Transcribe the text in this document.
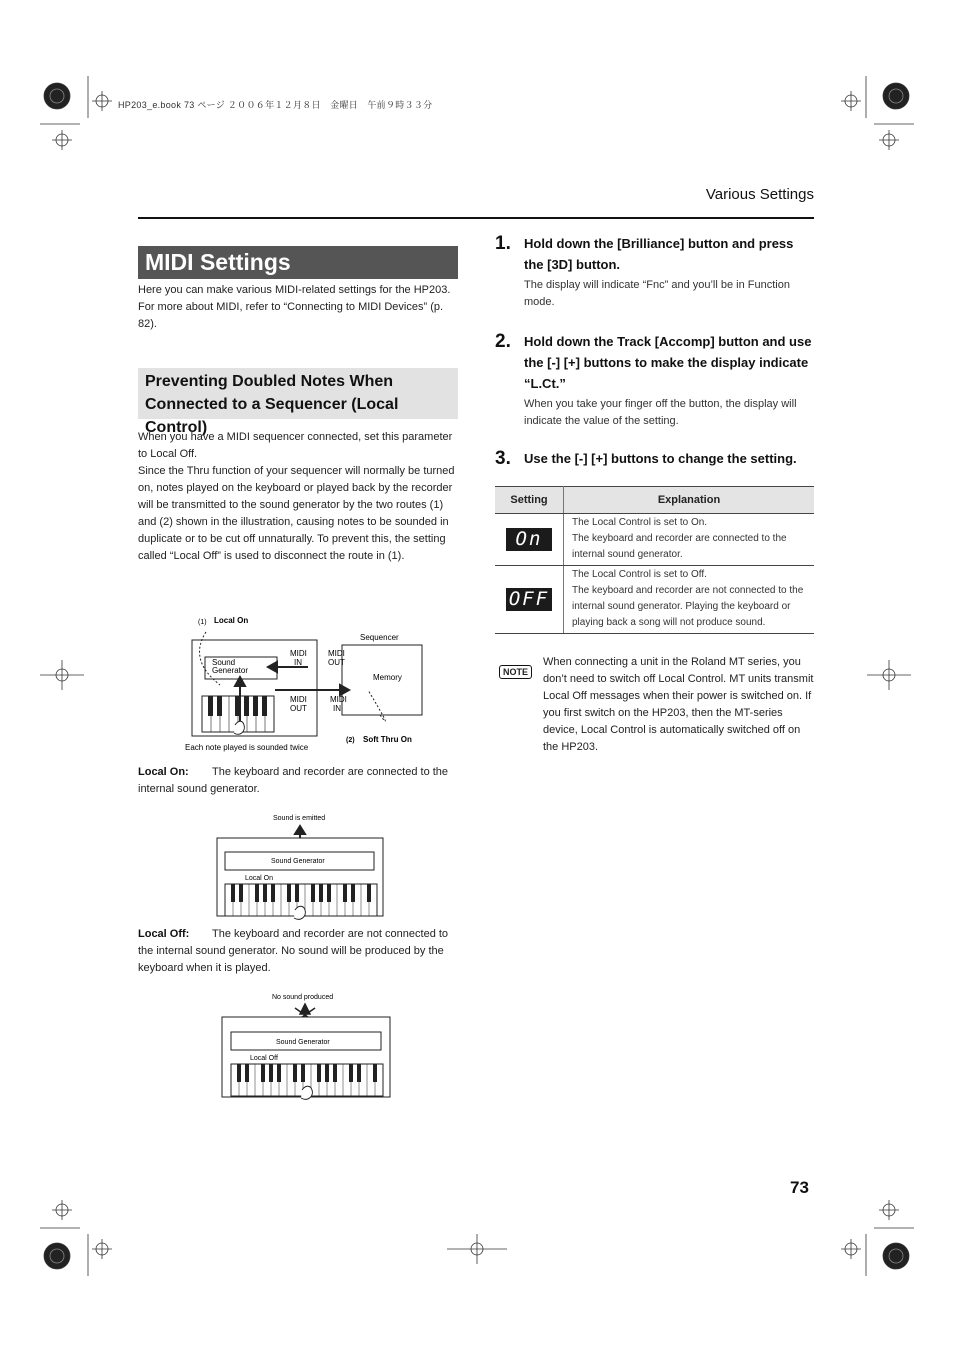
HP203_e.book 73 ページ ２００６年１２月８日　金曜日　午前９時３３分
Various Settings
MIDI Settings
Here you can make various MIDI-related settings for the HP203.
For more about MIDI, refer to “Connecting to MIDI Devices” (p. 82).
Preventing Doubled Notes When
Connected to a Sequencer (Local Control)
When you have a MIDI sequencer connected, set this parameter to Local Off.
Since the Thru function of your sequencer will normally be turned on, notes played on the keyboard or played back by the recorder will be transmitted to the sound generator by the two routes (1) and (2) shown in the illustration, causing notes to be sounded in duplicate or to be cut off unnaturally. To prevent this, the setting called “Local Off” is used to disconnect the route in (1).
(1) Local On
Sound
Generator
MIDI
IN
MIDI
OUT
Sequencer
Memory
MIDI
OUT
MIDI
IN
(2) Soft Thru On
Each note played is sounded twice
Local On: The keyboard and recorder are connected to the internal sound generator.
Sound is emitted
Sound Generator
Local On
Local Off: The keyboard and recorder are not connected to the internal sound generator. No sound will be produced by the keyboard when it is played.
No sound produced
Sound Generator
Local Off
1. Hold down the [Brilliance] button and press
the [3D] button.
The display will indicate “Fnc” and you’ll be in Function mode.
2. Hold down the Track [Accomp] button and use
the [-] [+] buttons to make the display indicate
“L.Ct.”
When you take your finger off the button, the display will indicate the value of the setting.
3. Use the [-] [+] buttons to change the setting.
Setting	Explanation
On	The Local Control is set to On.
The keyboard and recorder are connected to the internal sound generator.

OFF	The Local Control is set to Off.
The keyboard and recorder are not connected to the internal sound generator. Playing the keyboard or playing back a song will not produce sound.
NOTE
When connecting a unit in the Roland MT series, you don’t need to switch off Local Control. MT units transmit Local Off messages when their power is switched on. If you first switch on the HP203, then the MT-series device, Local Control is automatically switched off on the HP203.
73
